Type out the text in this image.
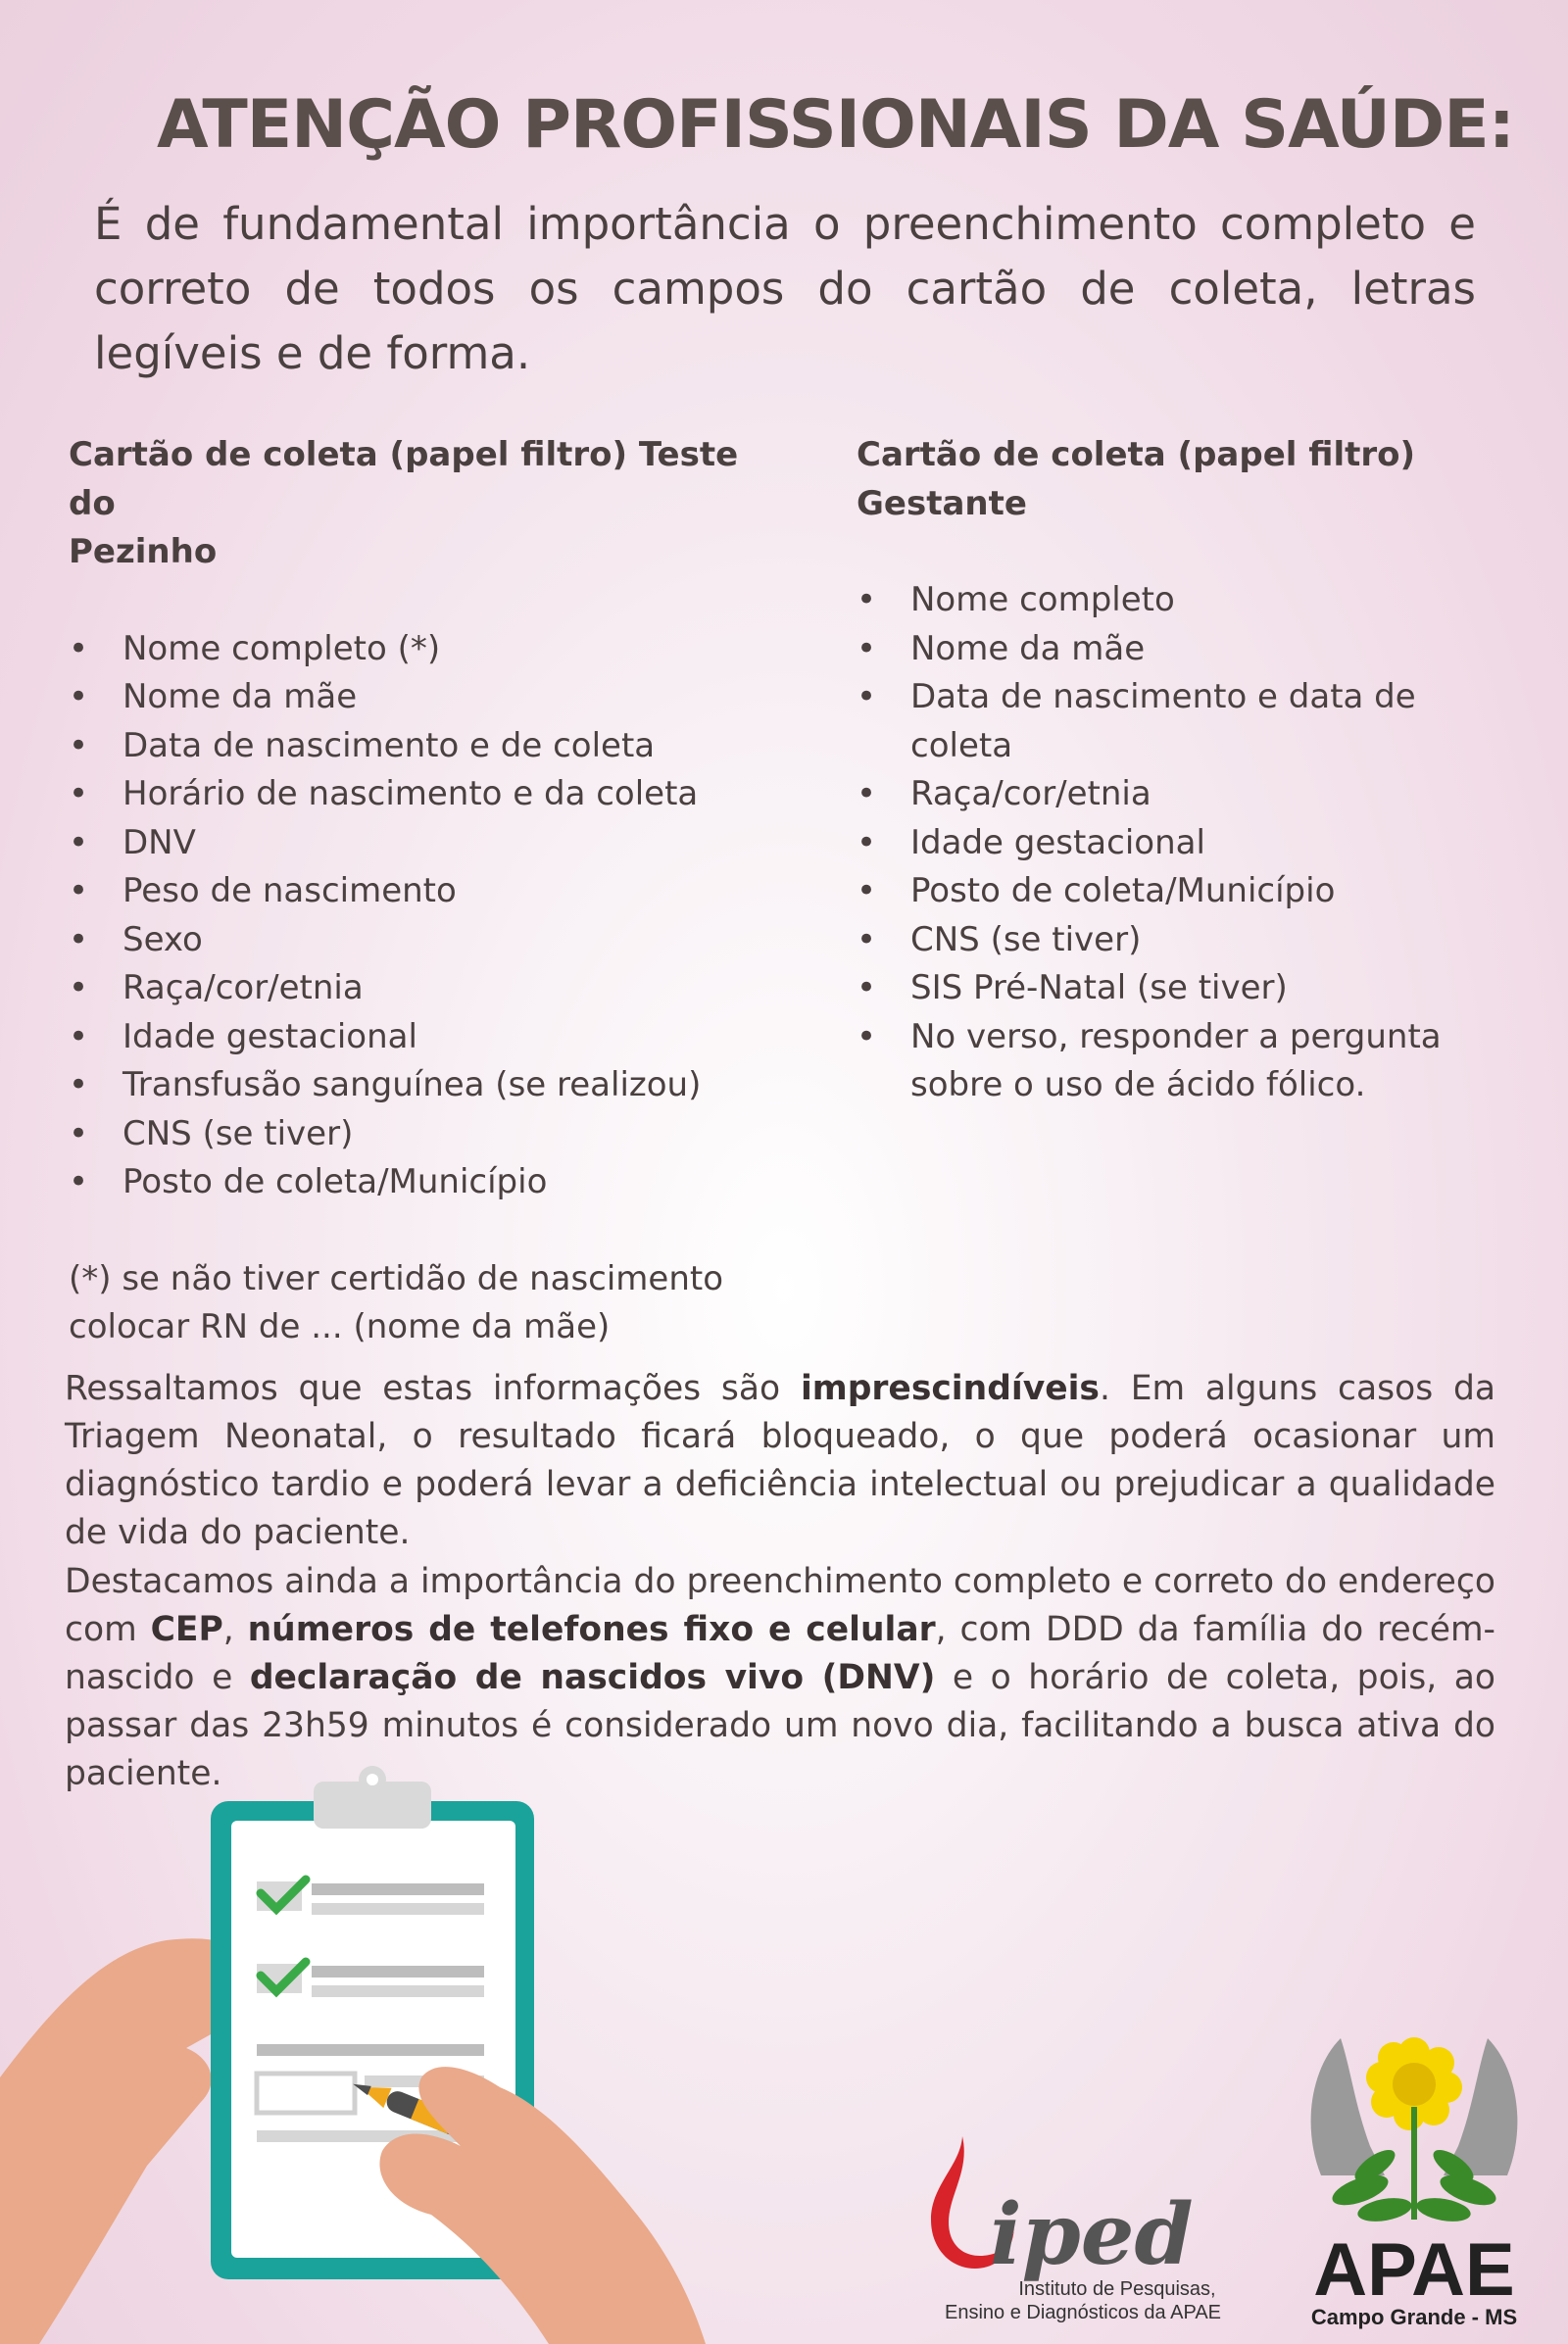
ATENÇÃO PROFISSIONAIS DA SAÚDE:
É de fundamental importância o preenchimento completo e correto de todos os campos do cartão de coleta, letras legíveis e de forma.
Cartão de coleta (papel filtro) Teste do
Pezinho
• Nome completo (*)
• Nome da mãe
• Data de nascimento e de coleta
• Horário de nascimento e da coleta
• DNV
• Peso de nascimento
• Sexo
• Raça/cor/etnia
• Idade gestacional
• Transfusão sanguínea (se realizou)
• CNS (se tiver)
• Posto de coleta/Município
(*) se não tiver certidão de nascimento
colocar RN de ... (nome da mãe)
Cartão de coleta (papel filtro)
Gestante
• Nome completo
• Nome da mãe
• Data de nascimento e data de coleta
• Raça/cor/etnia
• Idade gestacional
• Posto de coleta/Município
• CNS (se tiver)
• SIS Pré-Natal (se tiver)
• No verso, responder a pergunta sobre o uso de ácido fólico.
Ressaltamos que estas informações são imprescindíveis. Em alguns casos da Triagem Neonatal, o resultado ficará bloqueado, o que poderá ocasionar um diagnóstico tardio e poderá levar a deficiência intelectual ou prejudicar a qualidade de vida do paciente.
Destacamos ainda a importância do preenchimento completo e correto do endereço com CEP, números de telefones fixo e celular, com DDD da família do recém-nascido e declaração de nascidos vivo (DNV) e o horário de coleta, pois, ao passar das 23h59 minutos é considerado um novo dia, facilitando a busca ativa do paciente.
iped
Instituto de Pesquisas,
Ensino e Diagnósticos da APAE
APAE
Campo Grande - MS
